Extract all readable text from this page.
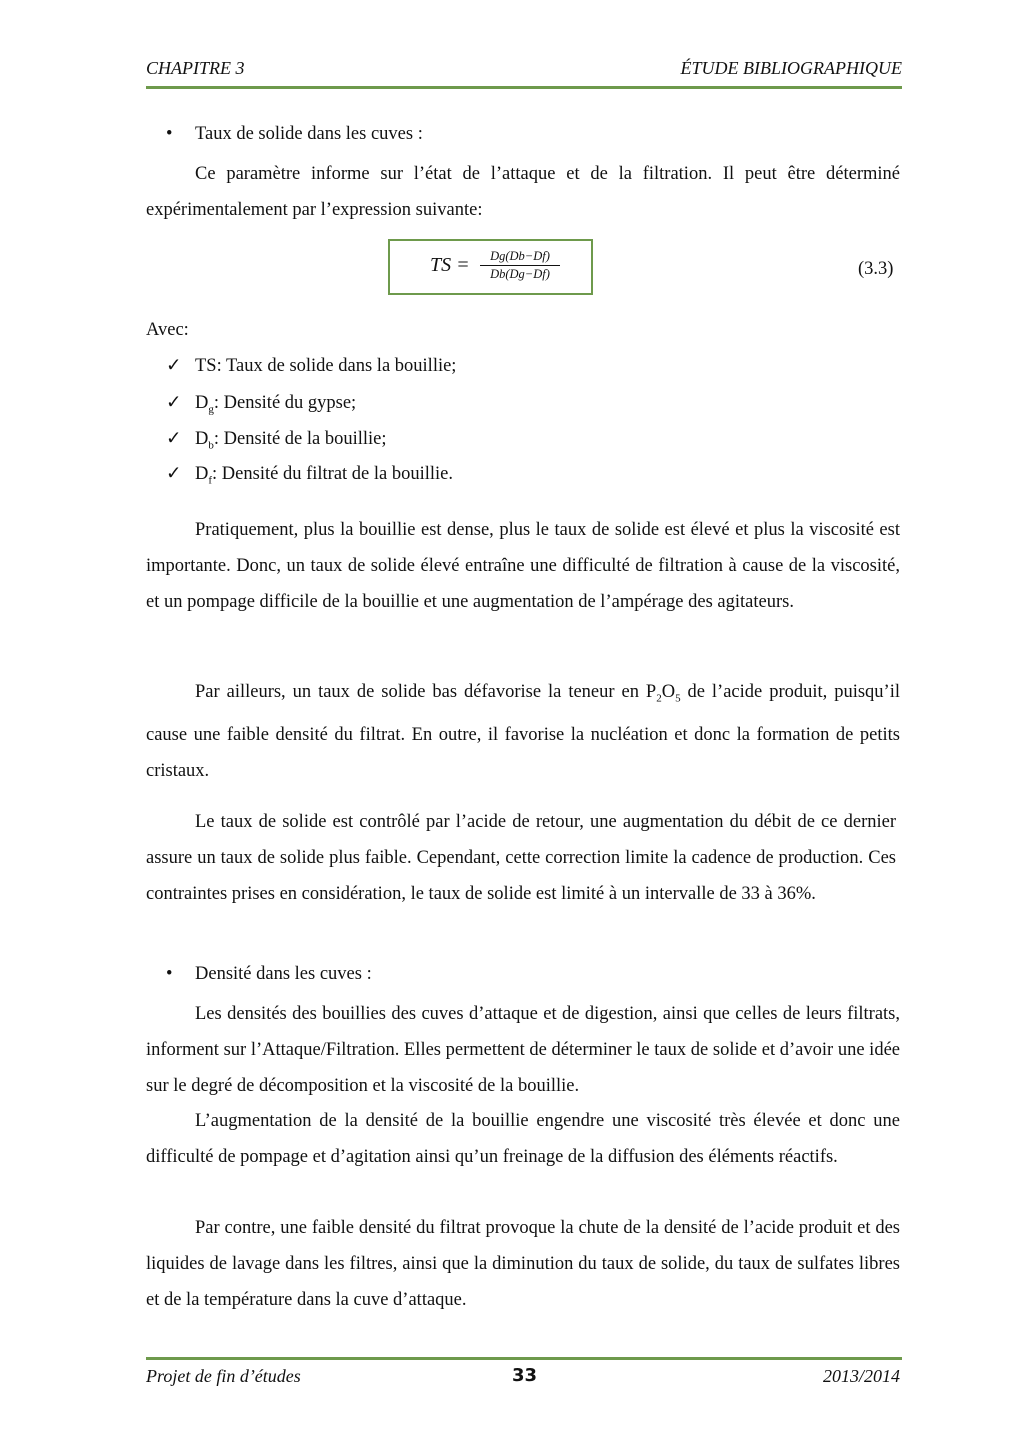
CHAPITRE 3	ÉTUDE BIBLIOGRAPHIQUE
• Taux de solide dans les cuves :

Ce paramètre informe sur l’état de l’attaque et de la filtration. Il peut être déterminé expérimentalement par l’expression suivante:

TS = $\frac{Dg(Db-Df)}{Db(Dg-Df)}$	(3.3)
Avec:
✓ TS: Taux de solide dans la bouillie;
✓ $D_g$: Densité du gypse;
✓ $D_b$: Densité de la bouillie;
✓ $D_f$: Densité du filtrat de la bouillie.

Pratiquement, plus la bouillie est dense, plus le taux de solide est élevé et plus la viscosité est importante. Donc, un taux de solide élevé entraîne une difficulté de filtration à cause de la viscosité, et un pompage difficile de la bouillie et une augmentation de l’ampérage des agitateurs.

Par ailleurs, un taux de solide bas défavorise la teneur en $P_2O_5$ de l’acide produit, puisqu’il cause une faible densité du filtrat. En outre, il favorise la nucléation et donc la formation de petits cristaux.

Le taux de solide est contrôlé par l’acide de retour, une augmentation du débit de ce dernier assure un taux de solide plus faible. Cependant, cette correction limite la cadence de production. Ces contraintes prises en considération, le taux de solide est limité à un intervalle de 33 à 36%.

• Densité dans les cuves :

Les densités des bouillies des cuves d’attaque et de digestion, ainsi que celles de leurs filtrats, informent sur l’Attaque/Filtration. Elles permettent de déterminer le taux de solide et d’avoir une idée sur le degré de décomposition et la viscosité de la bouillie.

L’augmentation de la densité de la bouillie engendre une viscosité très élevée et donc une difficulté de pompage et d’agitation ainsi qu’un freinage de la diffusion des éléments réactifs.

Par contre, une faible densité du filtrat provoque la chute de la densité de l’acide produit et des liquides de lavage dans les filtres, ainsi que la diminution du taux de solide, du taux de sulfates libres et de la température dans la cuve d’attaque.

Projet de fin d’études	33	2013/2014
